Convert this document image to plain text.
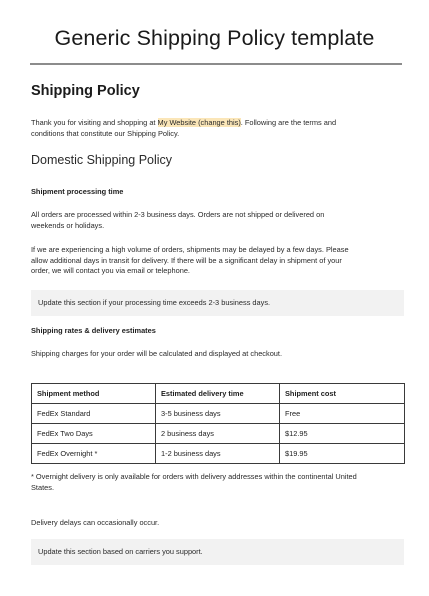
Generic Shipping Policy template
Shipping Policy
Thank you for visiting and shopping at My Website (change this). Following are the terms and
conditions that constitute our Shipping Policy.
Domestic Shipping Policy
Shipment processing time
All orders are processed within 2-3 business days. Orders are not shipped or delivered on
weekends or holidays.
If we are experiencing a high volume of orders, shipments may be delayed by a few days. Please
allow additional days in transit for delivery. If there will be a significant delay in shipment of your
order, we will contact you via email or telephone.
Update this section if your processing time exceeds 2-3 business days.
Shipping rates & delivery estimates
Shipping charges for your order will be calculated and displayed at checkout.
Shipment method	Estimated delivery time	Shipment cost
FedEx Standard	3-5 business days	Free
FedEx Two Days	2 business days	$12.95
FedEx Overnight *	1-2 business days	$19.95
* Overnight delivery is only available for orders with delivery addresses within the continental United
States.
Delivery delays can occasionally occur.
Update this section based on carriers you support.
